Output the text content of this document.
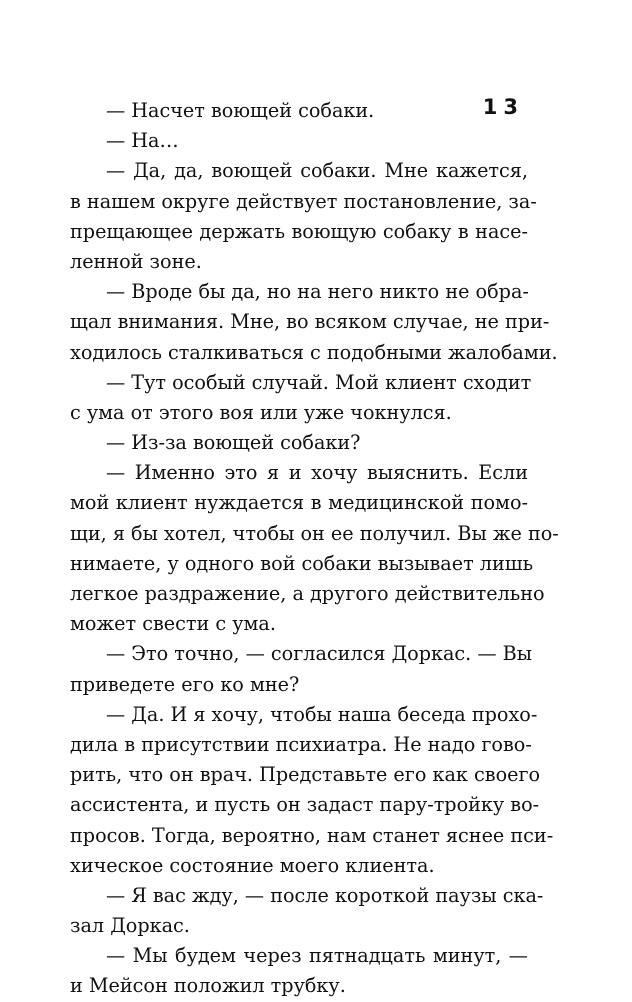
13
— Насчет воющей собаки.
— На…
— Да, да, воющей собаки. Мне кажется,
в нашем округе действует постановление, за-
прещающее держать воющую собаку в насе-
ленной зоне.
— Вроде бы да, но на него никто не обра-
щал внимания. Мне, во всяком случае, не при-
ходилось сталкиваться с подобными жалобами.
— Тут особый случай. Мой клиент сходит
с ума от этого воя или уже чокнулся.
— Из-за воющей собаки?
— Именно это я и хочу выяснить. Если
мой клиент нуждается в медицинской помо-
щи, я бы хотел, чтобы он ее получил. Вы же по-
нимаете, у одного вой собаки вызывает лишь
легкое раздражение, а другого действительно
может свести с ума.
— Это точно, — согласился Доркас. — Вы
приведете его ко мне?
— Да. И я хочу, чтобы наша беседа прохо-
дила в присутствии психиатра. Не надо гово-
рить, что он врач. Представьте его как своего
ассистента, и пусть он задаст пару-тройку во-
просов. Тогда, вероятно, нам станет яснее пси-
хическое состояние моего клиента.
— Я вас жду, — после короткой паузы ска-
зал Доркас.
— Мы будем через пятнадцать минут, —
и Мейсон положил трубку.
